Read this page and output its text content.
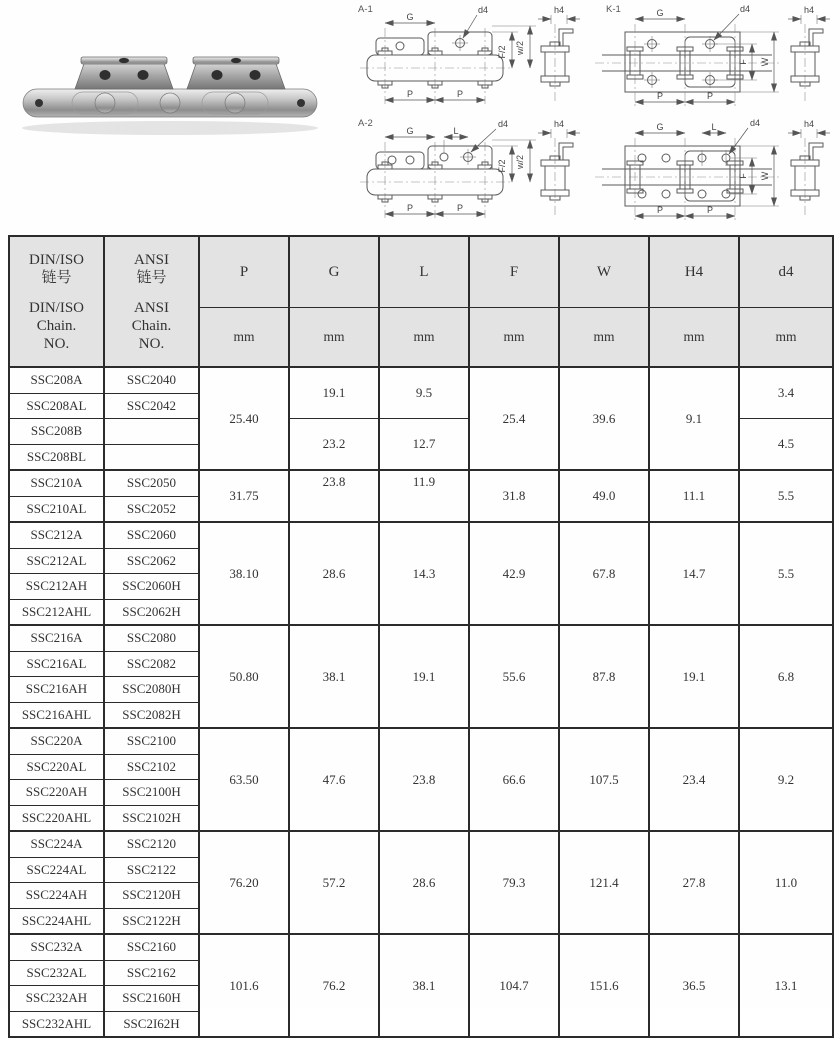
A-1
G
d4
F/2 w/2
P	P
h4	K-1	G	d4
F W
P	P
h4
A-2
G	L
d4
F/2 w/2
P	P
h4	G	L	d4
F W
P	P
h4
DIN/ISO
链号
DIN/ISO
Chain.
NO.

ANSI
链号
ANSI
Chain.
NO.
	P	G	L	F	W	H4	d4
		mm	mm	mm	mm	mm	mm	mm
SSC208A	SSC2040	25.40	19.1	9.5	25.4	39.6	9.1	3.4
SSC208AL	SSC2042							
SSC208B			23.2	12.7				4.5
SSC208BL								
SSC210A	SSC2050	31.75	23.8	11.9	31.8	49.0	11.1	5.5
SSC210AL	SSC2052							
SSC212A	SSC2060	38.10	28.6	14.3	42.9	67.8	14.7	5.5
SSC212AL	SSC2062							
SSC212AH	SSC2060H							
SSC212AHL	SSC2062H							
SSC216A	SSC2080	50.80	38.1	19.1	55.6	87.8	19.1	6.8
SSC216AL	SSC2082							
SSC216AH	SSC2080H							
SSC216AHL	SSC2082H							
SSC220A	SSC2100	63.50	47.6	23.8	66.6	107.5	23.4	9.2
SSC220AL	SSC2102							
SSC220AH	SSC2100H							
SSC220AHL	SSC2102H							
SSC224A	SSC2120	76.20	57.2	28.6	79.3	121.4	27.8	11.0
SSC224AL	SSC2122							
SSC224AH	SSC2120H							
SSC224AHL	SSC2122H							
SSC232A	SSC2160	101.6	76.2	38.1	104.7	151.6	36.5	13.1
SSC232AL	SSC2162							
SSC232AH	SSC2160H							
SSC232AHL	SSC2I62H							
